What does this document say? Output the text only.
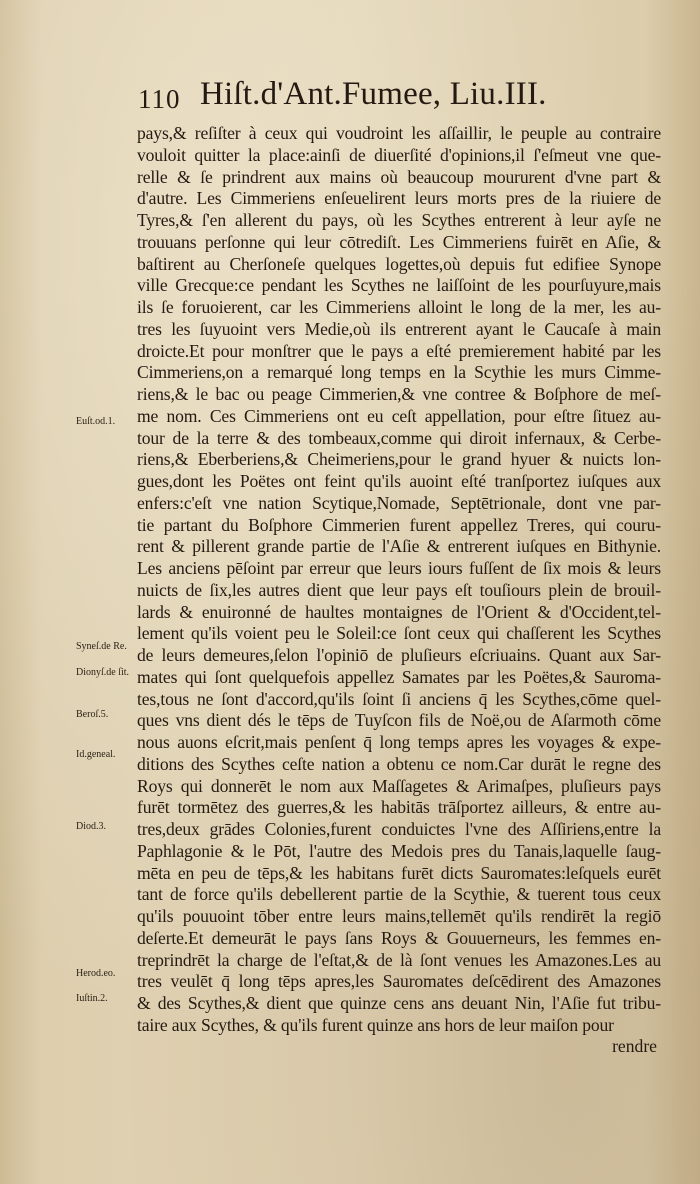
110 Hiſt.d'Ant.Fumee, Liu.III.
pays,& reſiſter à ceux qui voudroint les aſſaillir, le peuple au contraire
vouloit quitter la place:ainſi de diuerſité d'opinions,il ſ'eſmeut vne que-
relle & ſe prindrent aux mains où beaucoup moururent d'vne part &
d'autre. Les Cimmeriens enſeuelirent leurs morts pres de la riuiere de
Tyres,& ſ'en allerent du pays, où les Scythes entrerent à leur ayſe ne
trouuans perſonne qui leur cōtrediſt. Les Cimmeriens fuirēt en Aſie, &
baſtirent au Cherſoneſe quelques logettes,où depuis fut edifiee Synope
ville Grecque:ce pendant les Scythes ne laiſſoint de les pourſuyure,mais
ils ſe foruoierent, car les Cimmeriens alloint le long de la mer, les au-
tres les ſuyuoint vers Medie,où ils entrerent ayant le Caucaſe à main
droicte.Et pour monſtrer que le pays a eſté premierement habité par les
Cimmeriens,on a remarqué long temps en la Scythie les murs Cimme-
riens,& le bac ou peage Cimmerien,& vne contree & Boſphore de meſ-
me nom. Ces Cimmeriens ont eu ceſt appellation, pour eſtre ſituez au-
tour de la terre & des tombeaux,comme qui diroit infernaux, & Cerbe-
riens,& Eberberiens,& Cheimeriens,pour le grand hyuer & nuicts lon-
gues,dont les Poëtes ont feint qu'ils auoint eſté tranſportez iuſques aux
enfers:c'eſt vne nation Scytique,Nomade, Septētrionale, dont vne par-
tie partant du Boſphore Cimmerien furent appellez Treres, qui couru-
rent & pillerent grande partie de l'Aſie & entrerent iuſques en Bithynie.
Les anciens pēſoint par erreur que leurs iours fuſſent de ſix mois & leurs
nuicts de ſix,les autres dient que leur pays eſt touſiours plein de brouil-
lards & enuironné de haultes montaignes de l'Orient & d'Occident,tel-
lement qu'ils voient peu le Soleil:ce ſont ceux qui chaſſerent les Scythes
de leurs demeures,ſelon l'opiniō de pluſieurs eſcriuains. Quant aux Sar-
mates qui ſont quelquefois appellez Samates par les Poëtes,& Sauroma-
tes,tous ne ſont d'accord,qu'ils ſoint ſi anciens q̄ les Scythes,cōme quel-
ques vns dient dés le tēps de Tuyſcon fils de Noë,ou de Aſarmoth cōme
nous auons eſcrit,mais penſent q̄ long temps apres les voyages & expe-
ditions des Scythes ceſte nation a obtenu ce nom.Car durāt le regne des
Roys qui donnerēt le nom aux Maſſagetes & Arimaſpes, pluſieurs pays
furēt tormētez des guerres,& les habitās trāſportez ailleurs, & entre au-
tres,deux grādes Colonies,furent conduictes l'vne des Aſſiriens,entre la
Paphlagonie & le Pōt, l'autre des Medois pres du Tanais,laquelle ſaug-
mēta en peu de tēps,& les habitans furēt dicts Sauromates:leſquels eurēt
tant de force qu'ils debellerent partie de la Scythie, & tuerent tous ceux
qu'ils pouuoint tōber entre leurs mains,tellemēt qu'ils rendirēt la regiō
deſerte.Et demeurāt le pays ſans Roys & Gouuerneurs, les femmes en-
treprindrēt la charge de l'eſtat,& de là ſont venues les Amazones.Les au
tres veulēt q̄ long tēps apres,les Sauromates deſcēdirent des Amazones
& des Scythes,& dient que quinze cens ans deuant Nin, l'Aſie fut tribu-
taire aux Scythes, & qu'ils furent quinze ans hors de leur maiſon pour
rendre
Euſt.od.1.
Syneſ.de Re.
Dionyſ.de ſit.
Beroſ.5.
Id.geneal.
Diod.3.
Herod.eo.
Iuſtin.2.
